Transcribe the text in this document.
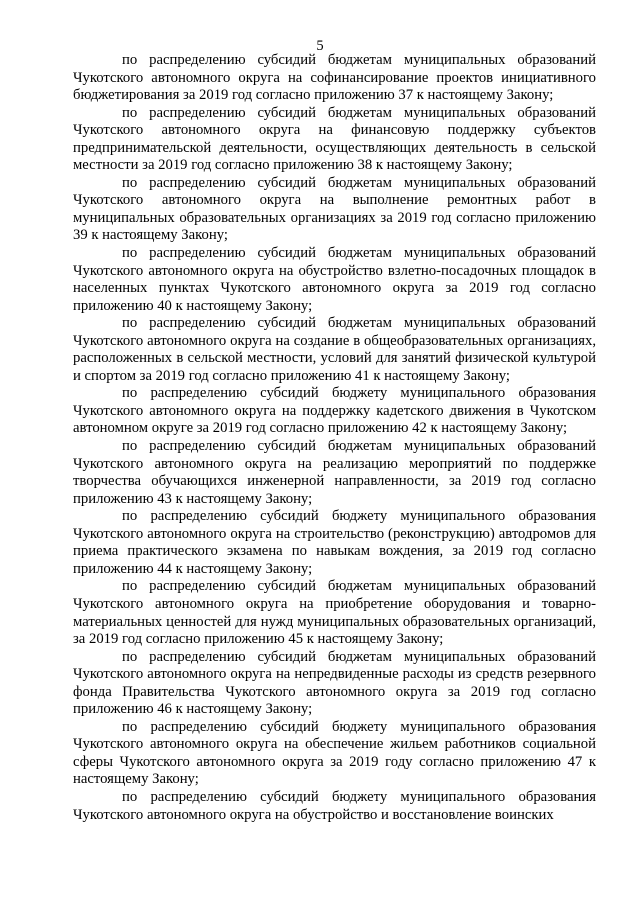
5

по распределению субсидий бюджетам муниципальных образований Чукотского автономного округа на софинансирование проектов инициативного бюджетирования за 2019 год согласно приложению 37 к настоящему Закону;

по распределению субсидий бюджетам муниципальных образований Чукотского автономного округа на финансовую поддержку субъектов предпринимательской деятельности, осуществляющих деятельность в сельской местности за 2019 год согласно приложению 38 к настоящему Закону;

по распределению субсидий бюджетам муниципальных образований Чукотского автономного округа на выполнение ремонтных работ в муниципальных образовательных организациях за 2019 год согласно приложению 39 к настоящему Закону;

по распределению субсидий бюджетам муниципальных образований Чукотского автономного округа на обустройство взлетно-посадочных площадок в населенных пунктах Чукотского автономного округа за 2019 год согласно приложению 40 к настоящему Закону;

по распределению субсидий бюджетам муниципальных образований Чукотского автономного округа на создание в общеобразовательных организациях, расположенных в сельской местности, условий для занятий физической культурой и спортом за 2019 год согласно приложению 41 к настоящему Закону;

по распределению субсидий бюджету муниципального образования Чукотского автономного округа на поддержку кадетского движения в Чукотском автономном округе за 2019 год согласно приложению 42 к настоящему Закону;

по распределению субсидий бюджетам муниципальных образований Чукотского автономного округа на реализацию мероприятий по поддержке творчества обучающихся инженерной направленности, за 2019 год согласно приложению 43 к настоящему Закону;

по распределению субсидий бюджету муниципального образования Чукотского автономного округа на строительство (реконструкцию) автодромов для приема практического экзамена по навыкам вождения, за 2019 год согласно приложению 44 к настоящему Закону;

по распределению субсидий бюджетам муниципальных образований Чукотского автономного округа на приобретение оборудования и товарно-материальных ценностей для нужд муниципальных образовательных организаций, за 2019 год согласно приложению 45 к настоящему Закону;

по распределению субсидий бюджетам муниципальных образований Чукотского автономного округа на непредвиденные расходы из средств резервного фонда Правительства Чукотского автономного округа за 2019 год согласно приложению 46 к настоящему Закону;

по распределению субсидий бюджету муниципального образования Чукотского автономного округа на обеспечение жильем работников социальной сферы Чукотского автономного округа за 2019 году согласно приложению 47 к настоящему Закону;

по распределению субсидий бюджету муниципального образования Чукотского автономного округа на обустройство и восстановление воинских
